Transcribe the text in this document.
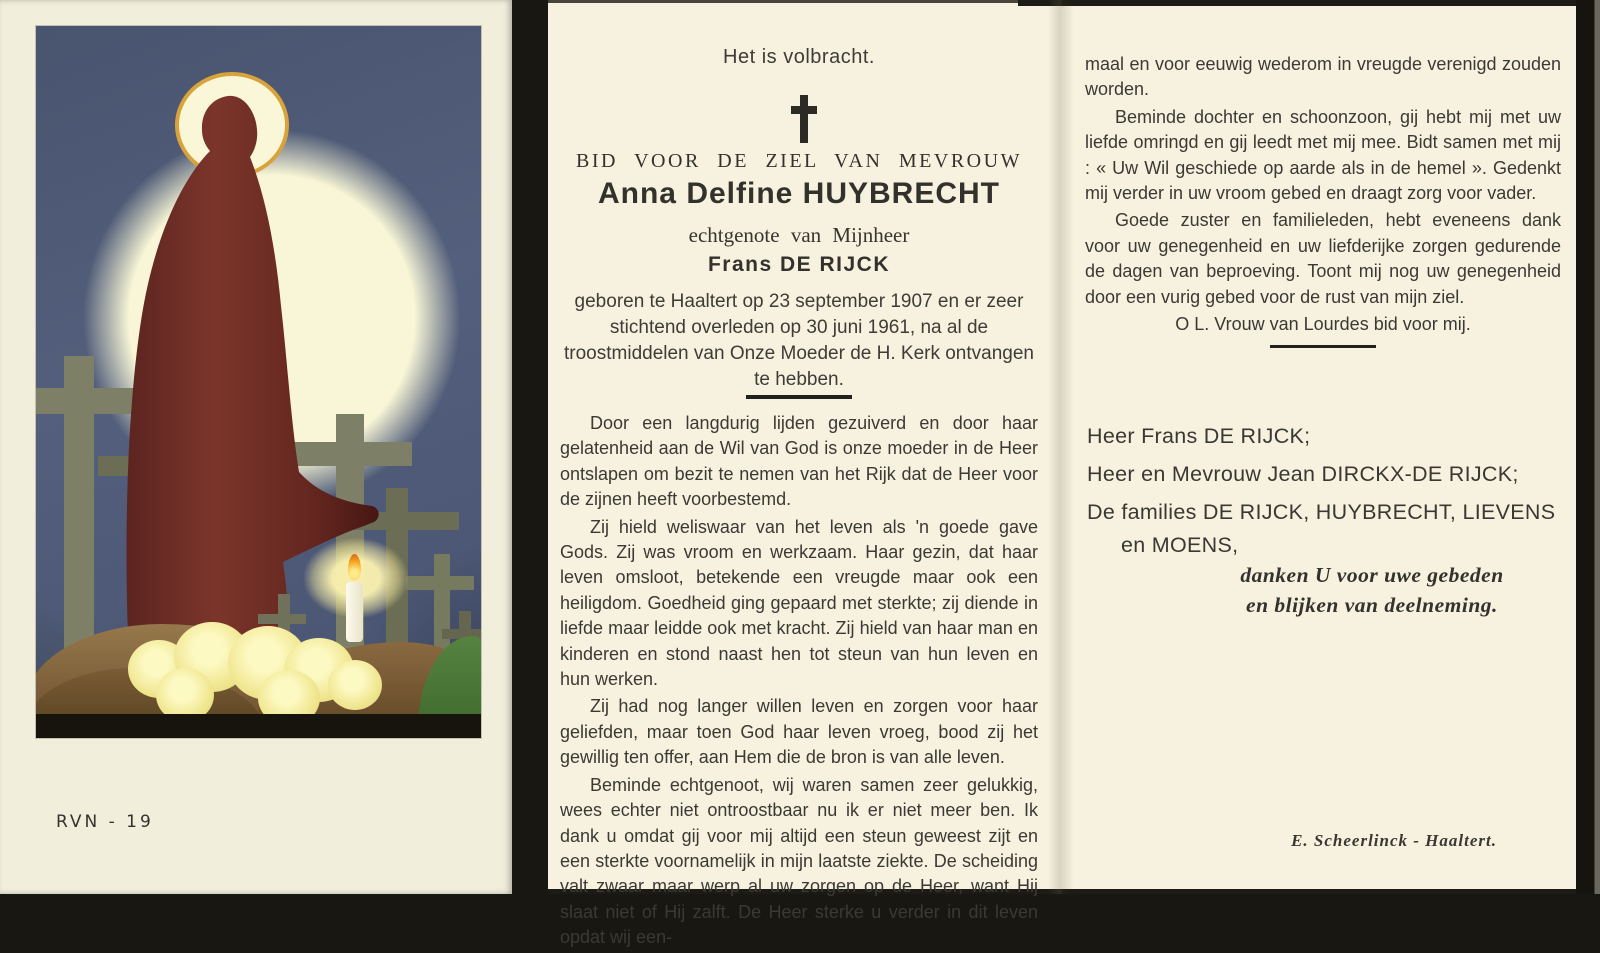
RVN - 19
Het is volbracht.
BID VOOR DE ZIEL VAN MEVROUW
Anna Delfine HUYBRECHT
echtgenote van Mijnheer
Frans DE RIJCK
geboren te Haaltert op 23 september 1907 en er zeer stichtend overleden op 30 juni 1961, na al de troostmiddelen van Onze Moeder de H. Kerk ontvangen te hebben.

Door een langdurig lijden gezuiverd en door haar gelatenheid aan de Wil van God is onze moeder in de Heer ontslapen om bezit te nemen van het Rijk dat de Heer voor de zijnen heeft voorbestemd.

Zij hield weliswaar van het leven als 'n goede gave Gods. Zij was vroom en werkzaam. Haar gezin, dat haar leven omsloot, betekende een vreugde maar ook een heiligdom. Goedheid ging gepaard met sterkte; zij diende in liefde maar leidde ook met kracht. Zij hield van haar man en kinderen en stond naast hen tot steun van hun leven en hun werken.

Zij had nog langer willen leven en zorgen voor haar geliefden, maar toen God haar leven vroeg, bood zij het gewillig ten offer, aan Hem die de bron is van alle leven.

Beminde echtgenoot, wij waren samen zeer gelukkig, wees echter niet ontroostbaar nu ik er niet meer ben. Ik dank u omdat gij voor mij altijd een steun geweest zijt en een sterkte voornamelijk in mijn laatste ziekte. De scheiding valt zwaar maar werp al uw zorgen op de Heer, want Hij slaat niet of Hij zalft. De Heer sterke u verder in dit leven opdat wij een-

maal en voor eeuwig wederom in vreugde verenigd zouden worden.

Beminde dochter en schoonzoon, gij hebt mij met uw liefde omringd en gij leedt met mij mee. Bidt samen met mij : « Uw Wil geschiede op aarde als in de hemel ». Gedenkt mij verder in uw vroom gebed en draagt zorg voor vader.

Goede zuster en familieleden, hebt eveneens dank voor uw genegenheid en uw liefderijke zorgen gedurende de dagen van beproeving. Toont mij nog uw genegenheid door een vurig gebed voor de rust van mijn ziel.

O L. Vrouw van Lourdes bid voor mij.

Heer Frans DE RIJCK;
Heer en Mevrouw Jean DIRCKX-DE RIJCK;
De families DE RIJCK, HUYBRECHT, LIEVENS
en MOENS,
danken U voor uwe gebeden
en blijken van deelneming.
E. Scheerlinck - Haaltert.
